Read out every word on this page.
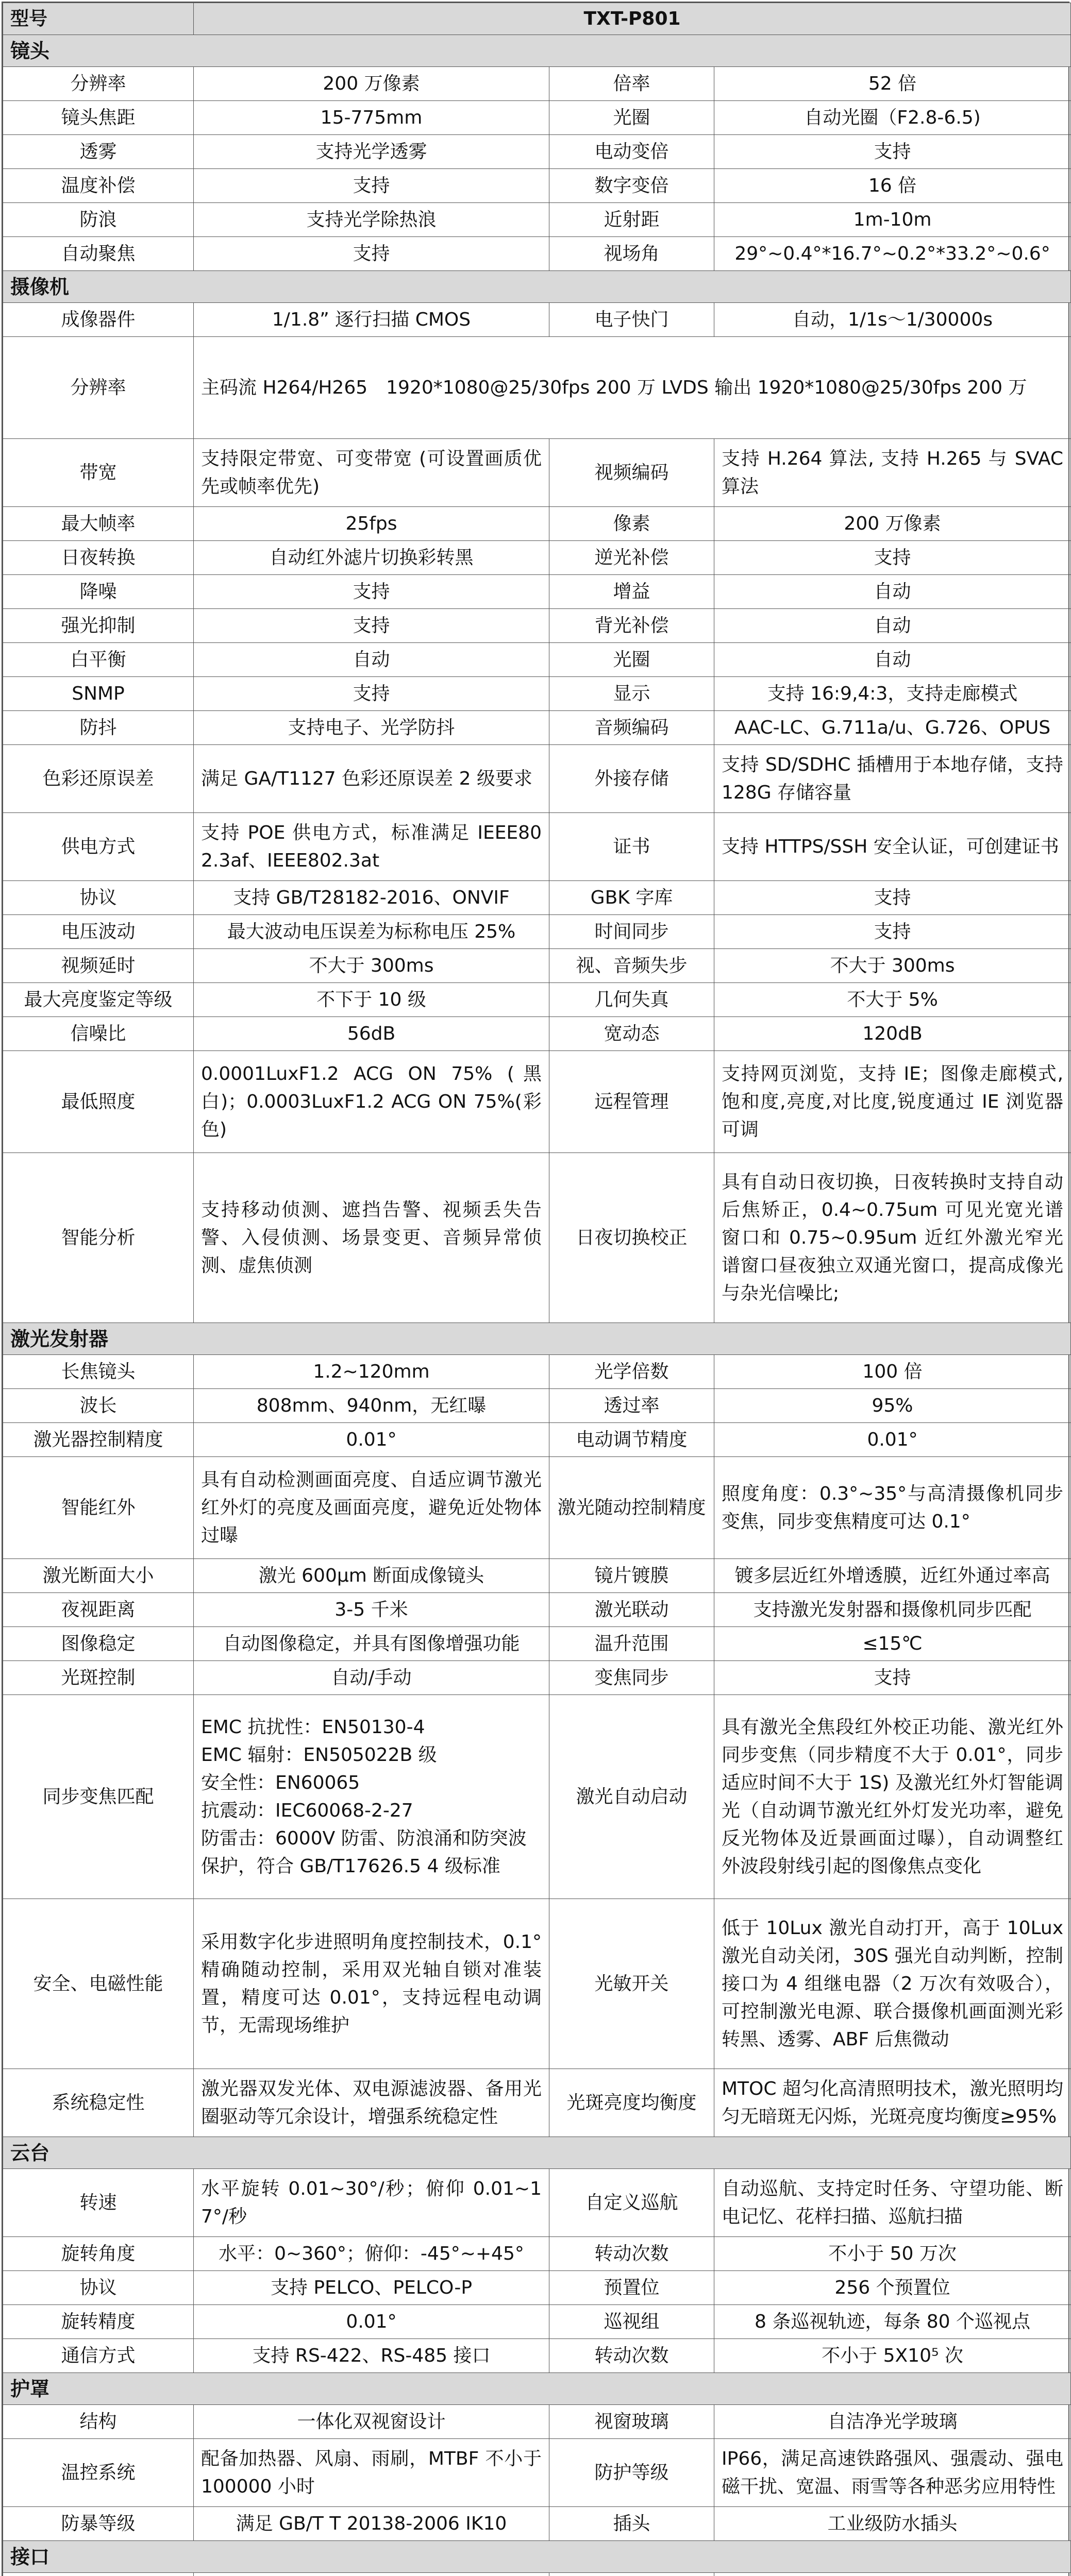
型号	TXT-P801		
镜头			
分辨率	200 万像素	倍率	52 倍
镜头焦距	15-775mm	光圈	自动光圈（F2.8-6.5)
透雾	支持光学透雾	电动变倍	支持
温度补偿	支持	数字变倍	16 倍
防浪	支持光学除热浪	近射距	1m-10m
自动聚焦	支持	视场角	29°~0.4°*16.7°~0.2°*33.2°~0.6°
摄像机			
成像器件	1/1.8” 逐行扫描 CMOS	电子快门	自动，1/1s～1/30000s
分辨率	主码流 H264/H265　1920*1080@25/30fps 200 万 LVDS 输出 1920*1080@25/30fps 200 万		
带宽	支持限定带宽、可变带宽 (可设置画质优先或帧率优先)	视频编码	支持 H.264 算法, 支持 H.265 与 SVAC 算法
最大帧率	25fps	像素	200 万像素
日夜转换	自动红外滤片切换彩转黑	逆光补偿	支持
降噪	支持	增益	自动
强光抑制	支持	背光补偿	自动
白平衡	自动	光圈	自动
SNMP	支持	显示	支持 16:9,4:3，支持走廊模式
防抖	支持电子、光学防抖	音频编码	AAC-LC、G.711a/u、G.726、OPUS
色彩还原误差	满足 GA/T1127 色彩还原误差 2 级要求	外接存储	支持 SD/SDHC 插槽用于本地存储，支持 128G 存储容量
供电方式	支持 POE 供电方式，标准满足 IEEE802.3af、IEEE802.3at	证书	支持 HTTPS/SSH 安全认证，可创建证书
协议	支持 GB/T28182-2016、ONVIF	GBK 字库	支持
电压波动	最大波动电压误差为标称电压 25%	时间同步	支持
视频延时	不大于 300ms	视、音频失步	不大于 300ms
最大亮度鉴定等级	不下于 10 级	几何失真	不大于 5%
信噪比	56dB	宽动态	120dB
最低照度	0.0001LuxF1.2 ACG ON 75% (黑白)；0.0003LuxF1.2 ACG ON 75%(彩色)	远程管理	支持网页浏览，支持 IE；图像走廊模式,饱和度,亮度,对比度,锐度通过 IE 浏览器可调
智能分析	支持移动侦测、遮挡告警、视频丢失告警、入侵侦测、场景变更、音频异常侦测、虚焦侦测	日夜切换校正	具有自动日夜切换，日夜转换时支持自动后焦矫正，0.4~0.75um 可见光宽光谱窗口和 0.75~0.95um 近红外激光窄光谱窗口昼夜独立双通光窗口，提高成像光与杂光信噪比;
激光发射器			
长焦镜头	1.2~120mm	光学倍数	100 倍
波长	808mm、940nm，无红曝	透过率	95%
激光器控制精度	0.01°	电动调节精度	0.01°
智能红外	具有自动检测画面亮度、自适应调节激光红外灯的亮度及画面亮度，避免近处物体过曝	激光随动控制精度	照度角度：0.3°~35°与高清摄像机同步变焦，同步变焦精度可达 0.1°
激光断面大小	激光 600μm 断面成像镜头	镜片镀膜	镀多层近红外增透膜，近红外通过率高
夜视距离	3-5 千米	激光联动	支持激光发射器和摄像机同步匹配
图像稳定	自动图像稳定，并具有图像增强功能	温升范围	≤15℃
光斑控制	自动/手动	变焦同步	支持
同步变焦匹配	EMC 抗扰性：EN50130-4
EMC 辐射：EN505022B 级
安全性：EN60065
抗震动：IEC60068-2-27
防雷击：6000V 防雷、防浪涌和防突波保护，符合 GB/T17626.5 4 级标准	激光自动启动	具有激光全焦段红外校正功能、激光红外同步变焦（同步精度不大于 0.01°，同步适应时间不大于 1S) 及激光红外灯智能调光（自动调节激光红外灯发光功率，避免反光物体及近景画面过曝），自动调整红外波段射线引起的图像焦点变化
安全、电磁性能	采用数字化步进照明角度控制技术，0.1°精确随动控制，采用双光轴自锁对准装置，精度可达 0.01°，支持远程电动调节，无需现场维护	光敏开关	低于 10Lux 激光自动打开，高于 10Lux 激光自动关闭，30S 强光自动判断，控制接口为 4 组继电器（2 万次有效吸合），可控制激光电源、联合摄像机画面测光彩转黑、透雾、ABF 后焦微动
系统稳定性	激光器双发光体、双电源滤波器、备用光圈驱动等冗余设计，增强系统稳定性	光斑亮度均衡度	MTOC 超匀化高清照明技术，激光照明均匀无暗斑无闪烁，光斑亮度均衡度≥95%
云台			
转速	水平旋转 0.01~30°/秒；俯仰 0.01~17°/秒	自定义巡航	自动巡航、支持定时任务、守望功能、断电记忆、花样扫描、巡航扫描
旋转角度	水平：0~360°；俯仰：-45°~+45°	转动次数	不小于 50 万次
协议	支持 PELCO、PELCO-P	预置位	256 个预置位
旋转精度	0.01°	巡视组	8 条巡视轨迹，每条 80 个巡视点
通信方式	支持 RS-422、RS-485 接口	转动次数	不小于 5X10⁵ 次
护罩			
结构	一体化双视窗设计	视窗玻璃	自洁净光学玻璃
温控系统	配备加热器、风扇、雨刷，MTBF 不小于 100000 小时	防护等级	IP66，满足高速铁路强风、强震动、强电磁干扰、宽温、雨雪等各种恶劣应用特性
防暴等级	满足 GB/T T 20138-2006 IK10	插头	工业级防水插头
接口			
